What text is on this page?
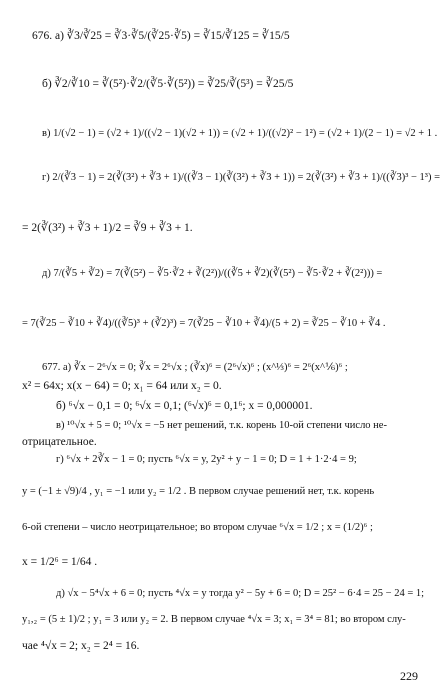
676. а) ∛3/∛25 = ∛3·∛5/(∛25·∛5) = ∛15/∛125 = ∛15/5
б) ∛2/∛10 = ∛(5²)·∛2/(∛5·∛(5²)) = ∛25/∛(5³) = ∛25/5
в) 1/(√2 − 1) = (√2 + 1)/((√2 − 1)(√2 + 1)) = (√2 + 1)/((√2)² − 1²) = (√2 + 1)/(2 − 1) = √2 + 1 .
г) 2/(∛3 − 1) = 2(∛(3²) + ∛3 + 1)/((∛3 − 1)(∛(3²) + ∛3 + 1)) = 2(∛(3²) + ∛3 + 1)/((∛3)³ − 1³) =
= 2(∛(3²) + ∛3 + 1)/2 = ∛9 + ∛3 + 1.
д) 7/(∛5 + ∛2) = 7(∛(5²) − ∛5·∛2 + ∛(2²))/((∛5 + ∛2)(∛(5²) − ∛5·∛2 + ∛(2²))) =
= 7(∛25 − ∛10 + ∛4)/((∛5)³ + (∛2)³) = 7(∛25 − ∛10 + ∛4)/(5 + 2) = ∛25 − ∛10 + ∛4 .
677. а) ∛x − 2⁶√x = 0; ∛x = 2⁶√x ; (∛x)⁶ = (2⁶√x)⁶ ; (x^⅓)⁶ = 2⁶(x^⅙)⁶ ;
x² = 64x; x(x − 64) = 0; x₁ = 64 или x₂ = 0.
б) ⁶√x − 0,1 = 0; ⁶√x = 0,1; (⁶√x)⁶ = 0,1⁶; x = 0,000001.
в) ¹⁰√x + 5 = 0; ¹⁰√x = −5 нет решений, т.к. корень 10-ой степени число не-
отрицательное.
г) ⁶√x + 2∛x − 1 = 0; пусть ⁶√x = y, 2y² + y − 1 = 0; D = 1 + 1·2·4 = 9;
y = (−1 ± √9)/4 , y₁ = −1 или y₂ = 1/2 . В первом случае решений нет, т.к. корень
6-ой степени – число неотрицательное; во втором случае ⁶√x = 1/2 ; x = (1/2)⁶ ;
x = 1/2⁶ = 1/64 .
д) √x − 5⁴√x + 6 = 0; пусть ⁴√x = y тогда y² − 5y + 6 = 0; D = 25² − 6·4 = 25 − 24 = 1;
y₁,₂ = (5 ± 1)/2 ; y₁ = 3 или y₂ = 2. В первом случае ⁴√x = 3; x₁ = 3⁴ = 81; во втором слу-
чае ⁴√x = 2; x₂ = 2⁴ = 16.
229
